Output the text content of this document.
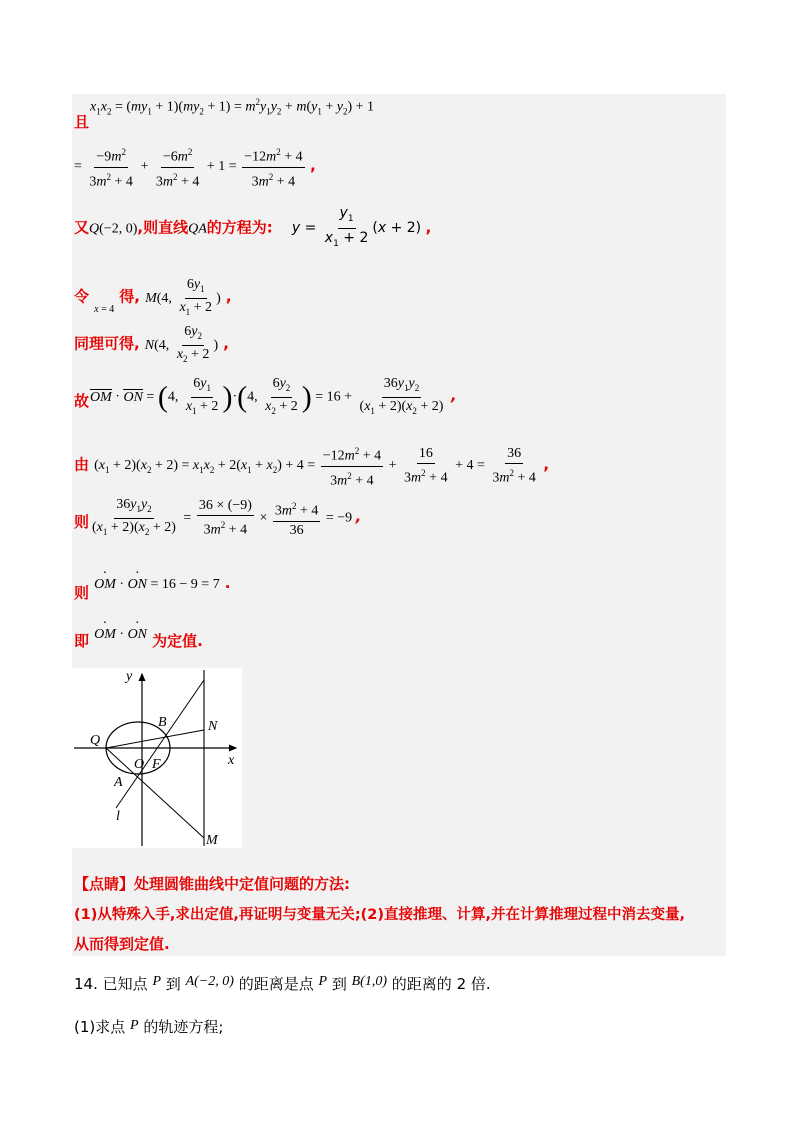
$x_1x_2 = (my_1 + 1)(my_2 + 1) = m^2y_1y_2 + m(y_1 + y_2) + 1$
且
= $\frac{-9m^2}{3m^2 + 4} + \frac{-6m^2}{3m^2 + 4} + 1 = \frac{-12m^2 + 4}{3m^2 + 4}$ ,
又Q(−2, 0),则直线QA的方程为: $y = \frac{y_1}{x_1 + 2} (x + 2)$ ,
令 $_{x = 4}$ 得, M(4, $\frac{6y_1}{x_1 + 2}$ ) ,
同理可得, N(4, $\frac{6y_2}{x_2 + 2}$ ) ,
故 OM · ON = (4, $\frac{6y_1}{x_1 + 2} )\cdot(4$, $\frac{6y_2}{x_2 + 2}$ ) = $16 + \frac{36y_1y_2}{(x_1 + 2)(x_2 + 2)}$ ,
由 $(x_1 + 2)(x_2 + 2) = x_1x_2 + 2(x_1 + x_2) + 4 = \frac{-12m^2 + 4}{3m^2 + 4} + \frac{16}{3m^2 + 4} + 4 = \frac{36}{3m^2 + 4}$ ,
则 $\frac{36y_1y_2}{(x_1 + 2)(x_2 + 2)} = \frac{36 \times (-9)}{3m^2 + 4} \times \frac{3m^2 + 4}{36} = -9$ ,
则 · OM · · ON = 16 − 9 = 7 .
即 · OM · · ON 为定值.
y
x
Q
O F
B	N
A
l
M
【点睛】处理圆锥曲线中定值问题的方法:
(1)从特殊入手,求出定值,再证明与变量无关;(2)直接推理、计算,并在计算推理过程中消去变量,
从而得到定值.
14. 已知点 P 到 A(−2, 0) 的距离是点 P 到 B(1,0) 的距离的 2 倍.
(1)求点 P 的轨迹方程;
